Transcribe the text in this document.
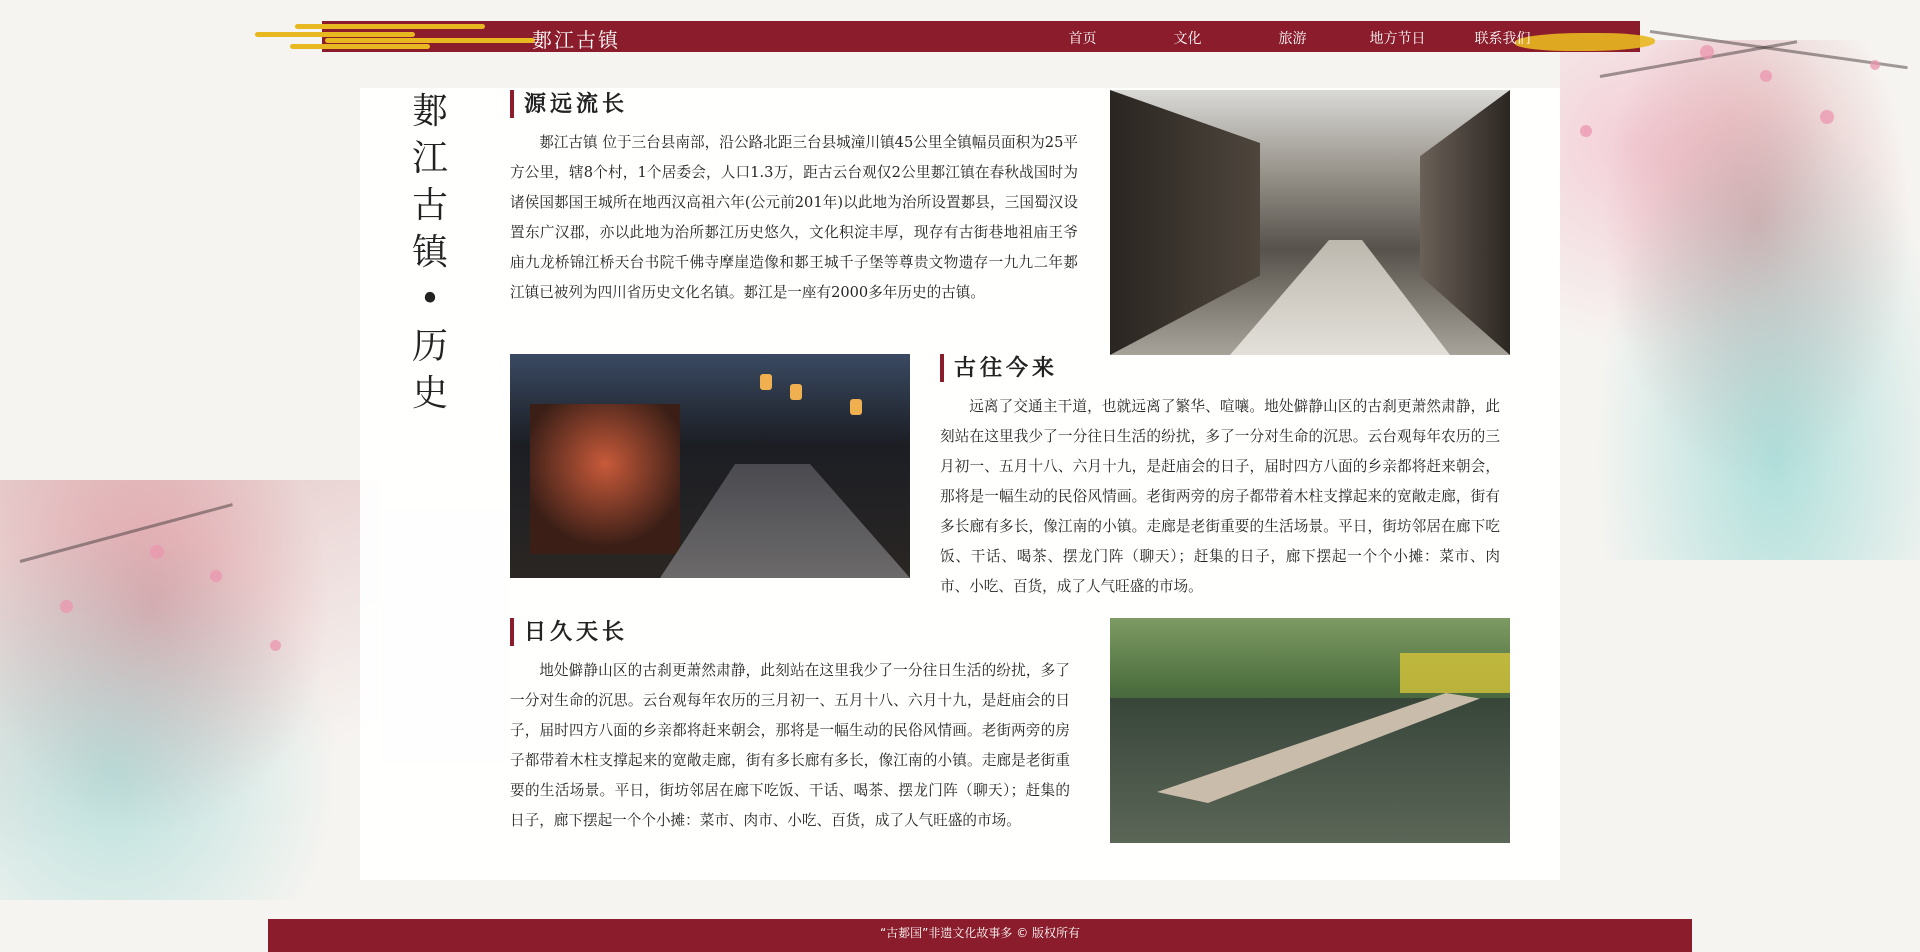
郪江古镇	首页	文化	旅游	地方节日	联系我们
郪
江
古
镇
•
历
史
源远流长
郪江古镇 位于三台县南部，沿公路北距三台县城潼川镇45公里全镇幅员面积为25平 方公里，辖8个村，1个居委会，人口1.3万，距古云台观仅2公里郪江镇在春秋战国时为诸侯国郪国王城所在地西汉高祖六年(公元前201年)以此地为治所设置郪县，三国蜀汉设置东广汉郡，亦以此地为治所郪江历史悠久，文化积淀丰厚，现存有古街巷地祖庙王爷庙九龙桥锦江桥天台书院千佛寺摩崖造像和郪王城千子堡等尊贵文物遗存一九九二年郪江镇已被列为四川省历史文化名镇。郪江是一座有2000多年历史的古镇。
古往今来
远离了交通主干道，也就远离了繁华、喧嚷。地处僻静山区的古刹更萧然肃静，此刻站在这里我少了一分往日生活的纷扰，多了一分对生命的沉思。云台观每年农历的三月初一、五月十八、六月十九，是赶庙会的日子，届时四方八面的乡亲都将赶来朝会，那将是一幅生动的民俗风情画。老街两旁的房子都带着木柱支撑起来的宽敞走廊，街有多长廊有多长，像江南的小镇。走廊是老街重要的生活场景。平日，街坊邻居在廊下吃饭、干话、喝茶、摆龙门阵（聊天）；赶集的日子，廊下摆起一个个小摊：菜市、肉市、小吃、百货，成了人气旺盛的市场。
日久天长
地处僻静山区的古刹更萧然肃静，此刻站在这里我少了一分往日生活的纷扰，多了一分对生命的沉思。云台观每年农历的三月初一、五月十八、六月十九，是赶庙会的日子，届时四方八面的乡亲都将赶来朝会，那将是一幅生动的民俗风情画。老街两旁的房子都带着木柱支撑起来的宽敞走廊，街有多长廊有多长，像江南的小镇。走廊是老街重要的生活场景。平日，街坊邻居在廊下吃饭、干话、喝茶、摆龙门阵（聊天）；赶集的日子，廊下摆起一个个小摊：菜市、肉市、小吃、百货，成了人气旺盛的市场。
“古郪国”非遗文化故事多 © 版权所有
